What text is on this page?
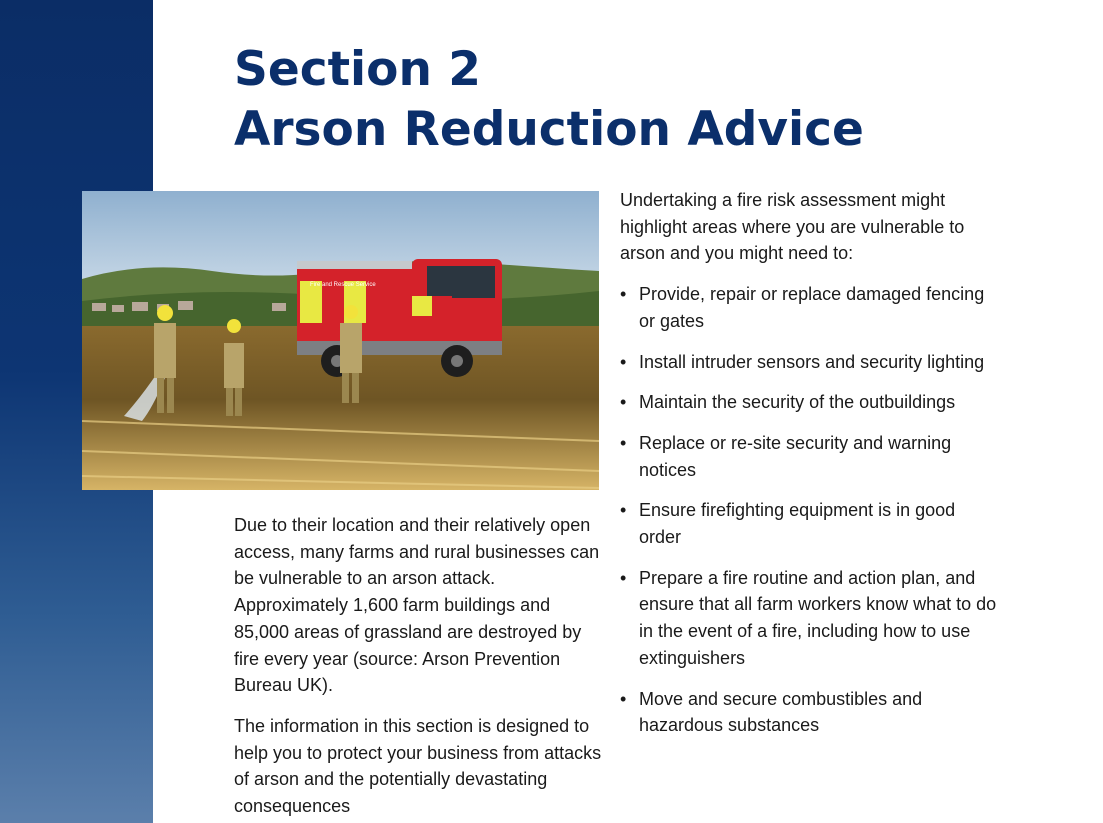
Section 2
Arson Reduction Advice
Fire and Rescue Service

Due to their location and their relatively open access, many farms and rural businesses can be vulnerable to an arson attack. Approximately 1,600 farm buildings and 85,000 areas of grassland are destroyed by fire every year (source: Arson Prevention Bureau UK).

The information in this section is designed to help you to protect your business from attacks of arson and the potentially devastating consequences

Undertaking a fire risk assessment might highlight areas where you are vulnerable to arson and you might need to:

• Provide, repair or replace damaged fencing or gates
• Install intruder sensors and security lighting
• Maintain the security of the outbuildings
• Replace or re-site security and warning notices
• Ensure firefighting equipment is in good order
• Prepare a fire routine and action plan, and ensure that all farm workers know what to do in the event of a fire, including how to use extinguishers
• Move and secure combustibles and hazardous substances
